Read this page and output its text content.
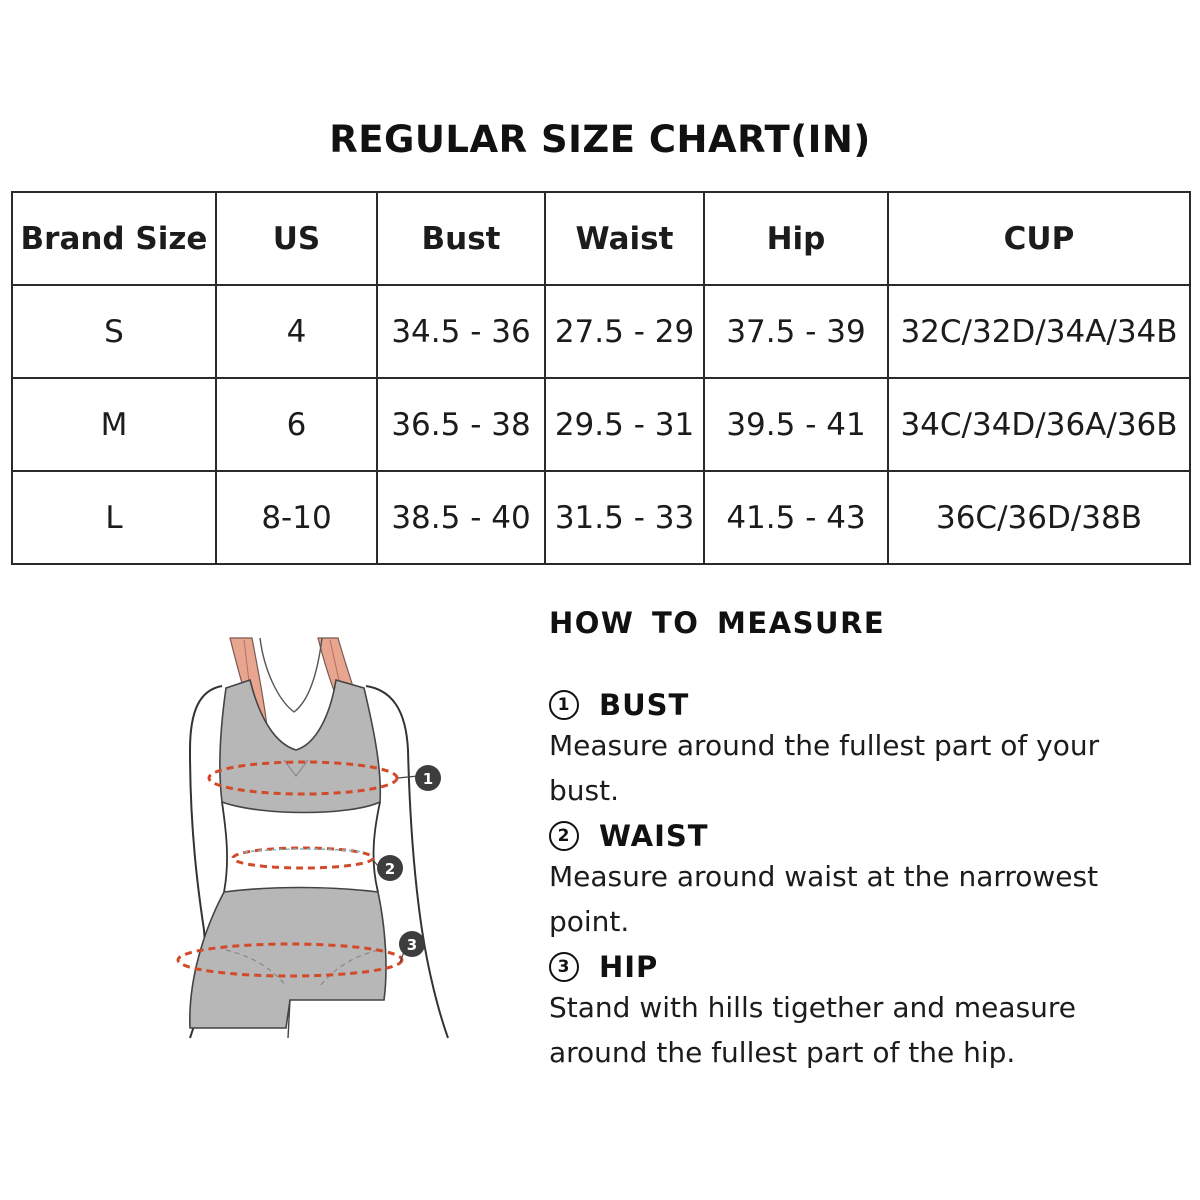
REGULAR SIZE CHART(IN)
Brand Size	US	Bust	Waist	Hip	CUP
S	4	34.5 - 36	27.5 - 29	37.5 - 39	32C/32D/34A/34B
M	6	36.5 - 38	29.5 - 31	39.5 - 41	34C/34D/36A/36B
L	8-10	38.5 - 40	31.5 - 33	41.5 - 43	36C/36D/38B
1
2
3
HOW TO MEASURE
1 BUST
Measure around the fullest part of your
bust.
2 WAIST
Measure around waist at the narrowest
point.
3 HIP
Stand with hills tigether and measure
around the fullest part of the hip.
